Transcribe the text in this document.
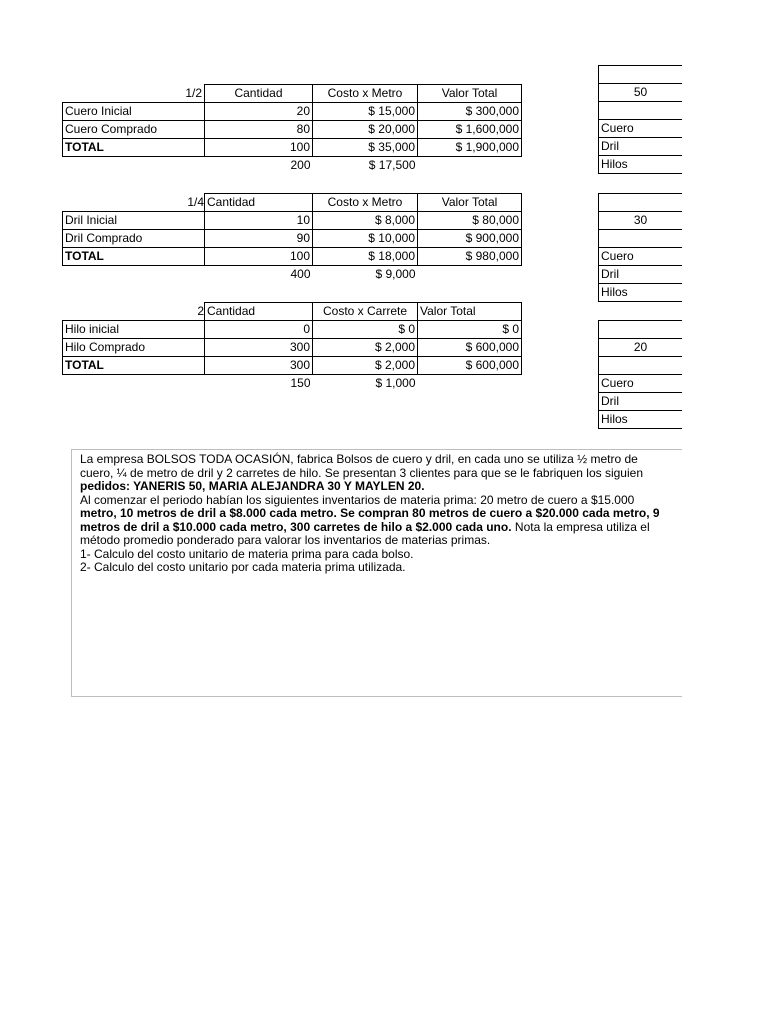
1/2	Cantidad	Costo x Metro	Valor Total
Cuero Inicial	20	$ 15,000	$ 300,000
Cuero Comprado	80	$ 20,000	$ 1,600,000
TOTAL	100	$ 35,000	$ 1,900,000
	200	$ 17,500	
1/4	Cantidad	Costo x Metro	Valor Total
Dril Inicial	10	$ 8,000	$ 80,000
Dril Comprado	90	$ 10,000	$ 900,000
TOTAL	100	$ 18,000	$ 980,000
	400	$ 9,000	
2	Cantidad	Costo x Carrete	Valor Total
Hilo inicial	0	$ 0	$ 0
Hilo Comprado	300	$ 2,000	$ 600,000
TOTAL	300	$ 2,000	$ 600,000
	150	$ 1,000	

50

Cuero
Dril
Hilos

30

Cuero
Dril
Hilos

20

Cuero
Dril
Hilos

La empresa BOLSOS TODA OCASIÓN, fabrica Bolsos de cuero y dril, en cada uno se utiliza ½ metro de

cuero, ¼ de metro de dril y 2 carretes de hilo. Se presentan 3 clientes para que se le fabriquen los siguien

pedidos: YANERIS 50, MARIA ALEJANDRA 30 Y MAYLEN 20.

Al comenzar el periodo habían los siguientes inventarios de materia prima: 20 metro de cuero a $15.000

metro, 10 metros de dril a $8.000 cada metro. Se compran 80 metros de cuero a $20.000 cada metro, 9

metros de dril a $10.000 cada metro, 300 carretes de hilo a $2.000 cada uno. Nota la empresa utiliza el

método promedio ponderado para valorar los inventarios de materias primas.

1- Calculo del costo unitario de materia prima para cada bolso.

2- Calculo del costo unitario por cada materia prima utilizada.
